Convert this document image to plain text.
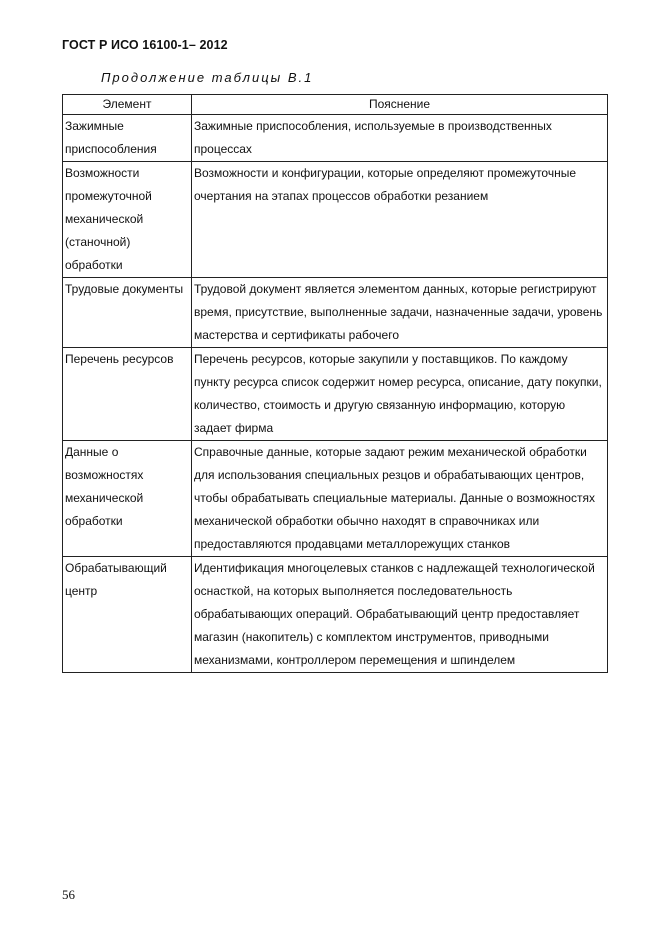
ГОСТ Р ИСО 16100-1– 2012
Продолжение таблицы В.1
Элемент	Пояснение
Зажимные приспособления	Зажимные приспособления, используемые в производственных процессах
Возможности промежуточной механической (станочной) обработки	Возможности и конфигурации, которые определяют промежуточные очертания на этапах процессов обработки резанием
Трудовые документы	Трудовой документ является элементом данных, которые регистрируют время, присутствие, выполненные задачи, назначенные задачи, уровень мастерства и сертификаты рабочего
Перечень ресурсов	Перечень ресурсов, которые закупили у поставщиков. По каждому пункту ресурса список содержит номер ресурса, описание, дату покупки, количество, стоимость и другую связанную информацию, которую задает фирма
Данные о возможностях механической обработки	Справочные данные, которые задают режим механической обработки для использования специальных резцов и обрабатывающих центров, чтобы обрабатывать специальные материалы. Данные о возможностях механической обработки обычно находят в справочниках или предоставляются продавцами металлорежущих станков
Обрабатывающий центр	Идентификация многоцелевых станков с надлежащей технологической оснасткой, на которых выполняется последовательность обрабатывающих операций. Обрабатывающий центр предоставляет магазин (накопитель) с комплектом инструментов, приводными механизмами, контроллером перемещения и шпинделем
56
